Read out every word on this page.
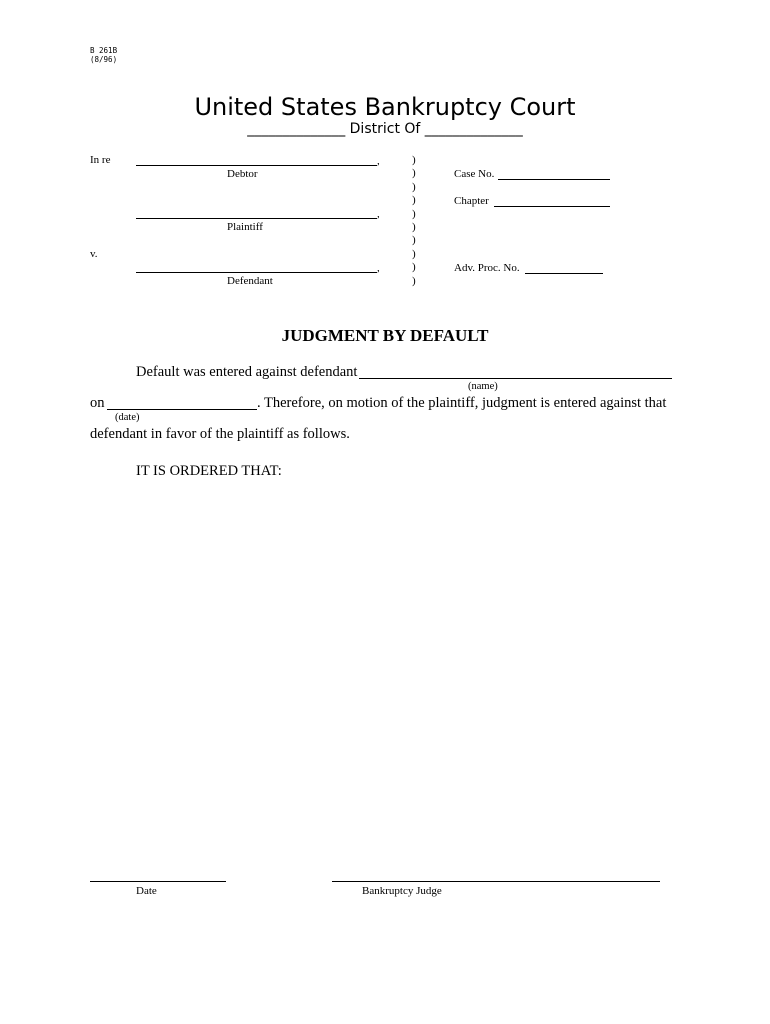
B 261B
(8/96)
United States Bankruptcy Court
______________ District Of ______________
In re	,
Debtor
,
Plaintiff
v.
,
Defendant
)
)
)
)
)
)
)
)
)
)
Case No.
Chapter
Adv. Proc. No.
JUDGMENT BY DEFAULT
Default was entered against defendant
(name)
on	. Therefore, on motion of the plaintiff, judgment is entered against that
(date)
defendant in favor of the plaintiff as follows.
IT IS ORDERED THAT:
Date	Bankruptcy Judge
